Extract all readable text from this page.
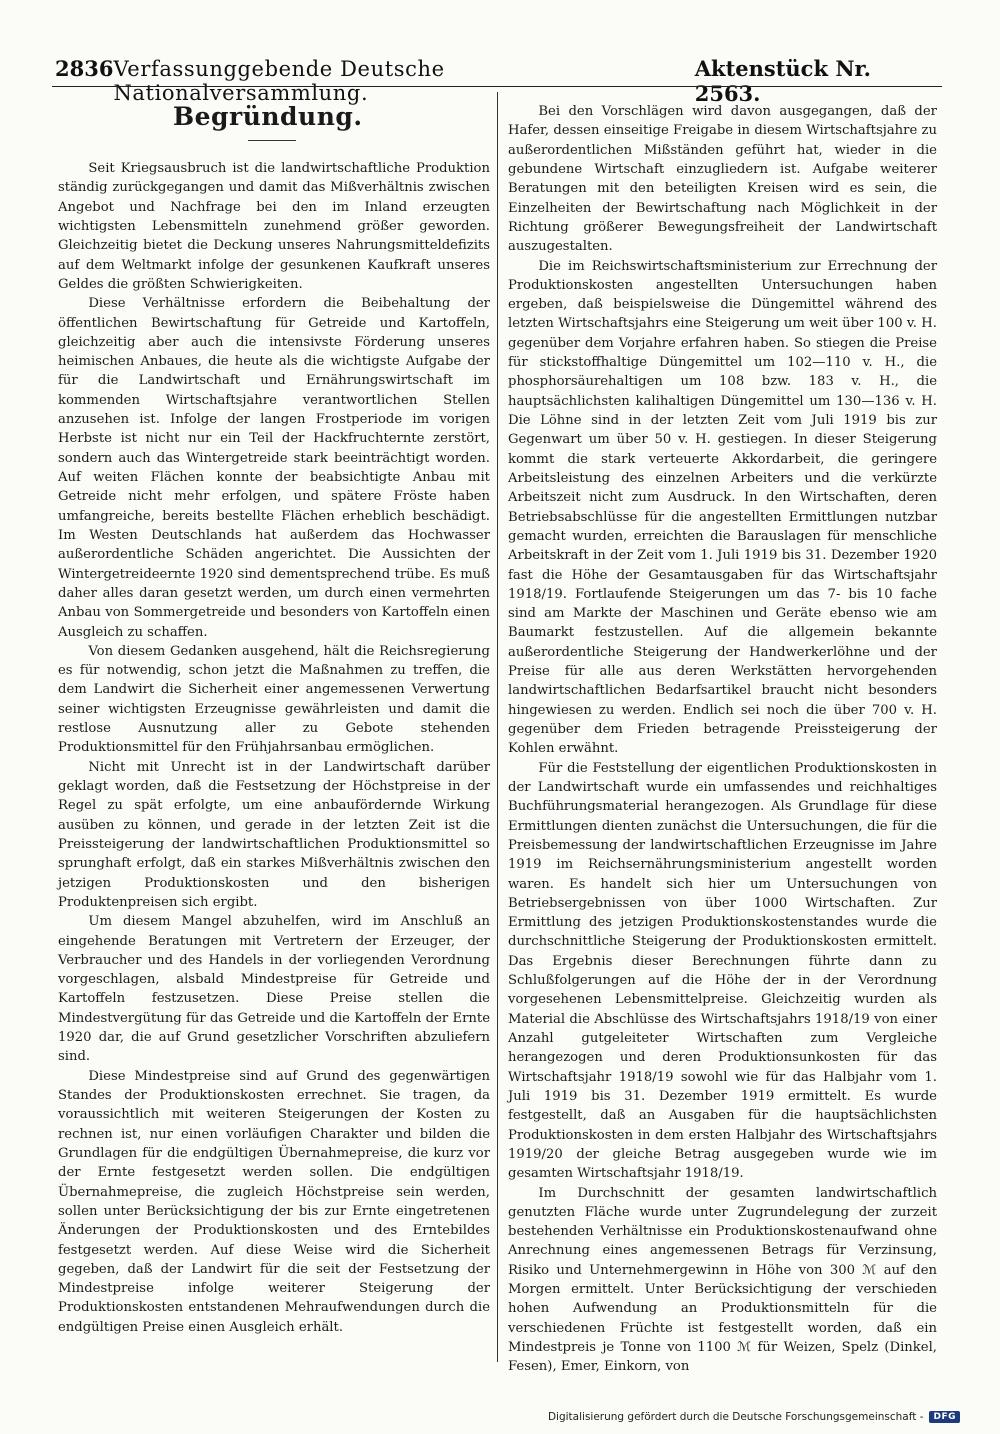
2836 Verfassunggebende Deutsche Nationalversammlung.
Aktenstück Nr. 2563.
Begründung.

Seit Kriegsausbruch ist die landwirtschaftliche Produktion ständig zurückgegangen und damit das Mißverhältnis zwischen Angebot und Nachfrage bei den im Inland erzeugten wichtigsten Lebensmitteln zunehmend größer geworden. Gleichzeitig bietet die Deckung unseres Nahrungsmitteldefizits auf dem Weltmarkt infolge der gesunkenen Kaufkraft unseres Geldes die größten Schwierigkeiten.

Diese Verhältnisse erfordern die Beibehaltung der öffentlichen Bewirtschaftung für Getreide und Kartoffeln, gleichzeitig aber auch die intensivste Förderung unseres heimischen Anbaues, die heute als die wichtigste Aufgabe der für die Landwirtschaft und Ernährungswirtschaft im kommenden Wirtschaftsjahre verantwortlichen Stellen anzusehen ist. Infolge der langen Frostperiode im vorigen Herbste ist nicht nur ein Teil der Hackfruchternte zerstört, sondern auch das Wintergetreide stark beeinträchtigt worden. Auf weiten Flächen konnte der beabsichtigte Anbau mit Getreide nicht mehr erfolgen, und spätere Fröste haben umfangreiche, bereits bestellte Flächen erheblich beschädigt. Im Westen Deutschlands hat außerdem das Hochwasser außerordentliche Schäden angerichtet. Die Aussichten der Wintergetreideernte 1920 sind dementsprechend trübe. Es muß daher alles daran gesetzt werden, um durch einen vermehrten Anbau von Sommergetreide und besonders von Kartoffeln einen Ausgleich zu schaffen.

Von diesem Gedanken ausgehend, hält die Reichsregierung es für notwendig, schon jetzt die Maßnahmen zu treffen, die dem Landwirt die Sicherheit einer angemessenen Verwertung seiner wichtigsten Erzeugnisse gewährleisten und damit die restlose Ausnutzung aller zu Gebote stehenden Produktionsmittel für den Frühjahrsanbau ermöglichen.

Nicht mit Unrecht ist in der Landwirtschaft darüber geklagt worden, daß die Festsetzung der Höchstpreise in der Regel zu spät erfolgte, um eine anbaufördernde Wirkung ausüben zu können, und gerade in der letzten Zeit ist die Preissteigerung der landwirtschaftlichen Produktionsmittel so sprunghaft erfolgt, daß ein starkes Mißverhältnis zwischen den jetzigen Produktionskosten und den bisherigen Produktenpreisen sich ergibt.

Um diesem Mangel abzuhelfen, wird im Anschluß an eingehende Beratungen mit Vertretern der Erzeuger, der Verbraucher und des Handels in der vorliegenden Verordnung vorgeschlagen, alsbald Mindestpreise für Getreide und Kartoffeln festzusetzen. Diese Preise stellen die Mindestvergütung für das Getreide und die Kartoffeln der Ernte 1920 dar, die auf Grund gesetzlicher Vorschriften abzuliefern sind.

Diese Mindestpreise sind auf Grund des gegenwärtigen Standes der Produktionskosten errechnet. Sie tragen, da voraussichtlich mit weiteren Steigerungen der Kosten zu rechnen ist, nur einen vorläufigen Charakter und bilden die Grundlagen für die endgültigen Übernahmepreise, die kurz vor der Ernte festgesetzt werden sollen. Die endgültigen Übernahmepreise, die zugleich Höchstpreise sein werden, sollen unter Berücksichtigung der bis zur Ernte eingetretenen Änderungen der Produktionskosten und des Erntebildes festgesetzt werden. Auf diese Weise wird die Sicherheit gegeben, daß der Landwirt für die seit der Festsetzung der Mindestpreise infolge weiterer Steigerung der Produktionskosten entstandenen Mehraufwendungen durch die endgültigen Preise einen Ausgleich erhält.

Bei den Vorschlägen wird davon ausgegangen, daß der Hafer, dessen einseitige Freigabe in diesem Wirtschaftsjahre zu außerordentlichen Mißständen geführt hat, wieder in die gebundene Wirtschaft einzugliedern ist. Aufgabe weiterer Beratungen mit den beteiligten Kreisen wird es sein, die Einzelheiten der Bewirtschaftung nach Möglichkeit in der Richtung größerer Bewegungsfreiheit der Landwirtschaft auszugestalten.

Die im Reichswirtschaftsministerium zur Errechnung der Produktionskosten angestellten Untersuchungen haben ergeben, daß beispielsweise die Düngemittel während des letzten Wirtschaftsjahrs eine Steigerung um weit über 100 v. H. gegenüber dem Vorjahre erfahren haben. So stiegen die Preise für stickstoffhaltige Düngemittel um 102—110 v. H., die phosphorsäurehaltigen um 108 bzw. 183 v. H., die hauptsächlichsten kalihaltigen Düngemittel um 130—136 v. H. Die Löhne sind in der letzten Zeit vom Juli 1919 bis zur Gegenwart um über 50 v. H. gestiegen. In dieser Steigerung kommt die stark verteuerte Akkordarbeit, die geringere Arbeitsleistung des einzelnen Arbeiters und die verkürzte Arbeitszeit nicht zum Ausdruck. In den Wirtschaften, deren Betriebsabschlüsse für die angestellten Ermittlungen nutzbar gemacht wurden, erreichten die Barauslagen für menschliche Arbeitskraft in der Zeit vom 1. Juli 1919 bis 31. Dezember 1920 fast die Höhe der Gesamtausgaben für das Wirtschaftsjahr 1918/19. Fortlaufende Steigerungen um das 7- bis 10 fache sind am Markte der Maschinen und Geräte ebenso wie am Baumarkt festzustellen. Auf die allgemein bekannte außerordentliche Steigerung der Handwerkerlöhne und der Preise für alle aus deren Werkstätten hervorgehenden landwirtschaftlichen Bedarfsartikel braucht nicht besonders hingewiesen zu werden. Endlich sei noch die über 700 v. H. gegenüber dem Frieden betragende Preissteigerung der Kohlen erwähnt.

Für die Feststellung der eigentlichen Produktionskosten in der Landwirtschaft wurde ein umfassendes und reichhaltiges Buchführungsmaterial herangezogen. Als Grundlage für diese Ermittlungen dienten zunächst die Untersuchungen, die für die Preisbemessung der landwirtschaftlichen Erzeugnisse im Jahre 1919 im Reichsernährungsministerium angestellt worden waren. Es handelt sich hier um Untersuchungen von Betriebsergebnissen von über 1000 Wirtschaften. Zur Ermittlung des jetzigen Produktionskostenstandes wurde die durchschnittliche Steigerung der Produktionskosten ermittelt. Das Ergebnis dieser Berechnungen führte dann zu Schlußfolgerungen auf die Höhe der in der Verordnung vorgesehenen Lebensmittelpreise. Gleichzeitig wurden als Material die Abschlüsse des Wirtschaftsjahrs 1918/19 von einer Anzahl gutgeleiteter Wirtschaften zum Vergleiche herangezogen und deren Produktionsunkosten für das Wirtschaftsjahr 1918/19 sowohl wie für das Halbjahr vom 1. Juli 1919 bis 31. Dezember 1919 ermittelt. Es wurde festgestellt, daß an Ausgaben für die hauptsächlichsten Produktionskosten in dem ersten Halbjahr des Wirtschaftsjahrs 1919/20 der gleiche Betrag ausgegeben wurde wie im gesamten Wirtschaftsjahr 1918/19.

Im Durchschnitt der gesamten landwirtschaftlich genutzten Fläche wurde unter Zugrundelegung der zurzeit bestehenden Verhältnisse ein Produktionskostenaufwand ohne Anrechnung eines angemessenen Betrags für Verzinsung, Risiko und Unternehmergewinn in Höhe von 300 ℳ auf den Morgen ermittelt. Unter Berücksichtigung der verschieden hohen Aufwendung an Produktionsmitteln für die verschiedenen Früchte ist festgestellt worden, daß ein Mindestpreis je Tonne von 1100 ℳ für Weizen, Spelz (Dinkel, Fesen), Emer, Einkorn, von

Digitalisierung gefördert durch die Deutsche Forschungsgemeinschaft -	DFG
